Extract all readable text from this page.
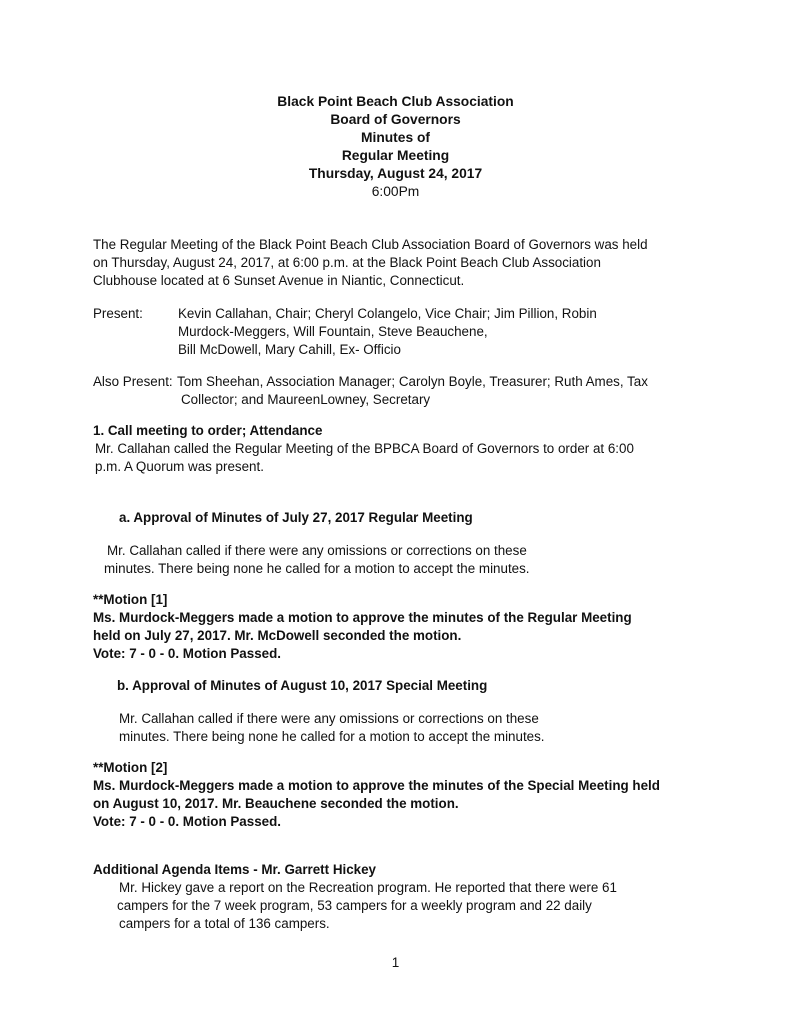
Black Point Beach Club Association
Board of Governors
Minutes of
Regular Meeting
Thursday, August 24, 2017
6:00Pm
The Regular Meeting of the Black Point Beach Club Association Board of Governors was held
on Thursday, August 24, 2017, at 6:00 p.m. at the Black Point Beach Club Association
Clubhouse located at 6 Sunset Avenue in Niantic, Connecticut.
Present:	Kevin Callahan, Chair; Cheryl Colangelo, Vice Chair; Jim Pillion, Robin
Murdock-Meggers, Will Fountain, Steve Beauchene,
Bill McDowell, Mary Cahill, Ex- Officio
Also Present: Tom Sheehan, Association Manager; Carolyn Boyle, Treasurer; Ruth Ames, Tax
Collector; and MaureenLowney, Secretary
1. Call meeting to order; Attendance
Mr. Callahan called the Regular Meeting of the BPBCA Board of Governors to order at 6:00
p.m. A Quorum was present.
a. Approval of Minutes of July 27, 2017 Regular Meeting
Mr. Callahan called if there were any omissions or corrections on these
minutes. There being none he called for a motion to accept the minutes.
**Motion [1]
Ms. Murdock-Meggers made a motion to approve the minutes of the Regular Meeting
held on July 27, 2017. Mr. McDowell seconded the motion.
Vote: 7 - 0 - 0. Motion Passed.
b. Approval of Minutes of August 10, 2017 Special Meeting
Mr. Callahan called if there were any omissions or corrections on these
minutes. There being none he called for a motion to accept the minutes.
**Motion [2]
Ms. Murdock-Meggers made a motion to approve the minutes of the Special Meeting held
on August 10, 2017. Mr. Beauchene seconded the motion.
Vote: 7 - 0 - 0. Motion Passed.
Additional Agenda Items - Mr. Garrett Hickey
Mr. Hickey gave a report on the Recreation program. He reported that there were 61
campers for the 7 week program, 53 campers for a weekly program and 22 daily
campers for a total of 136 campers.
1
